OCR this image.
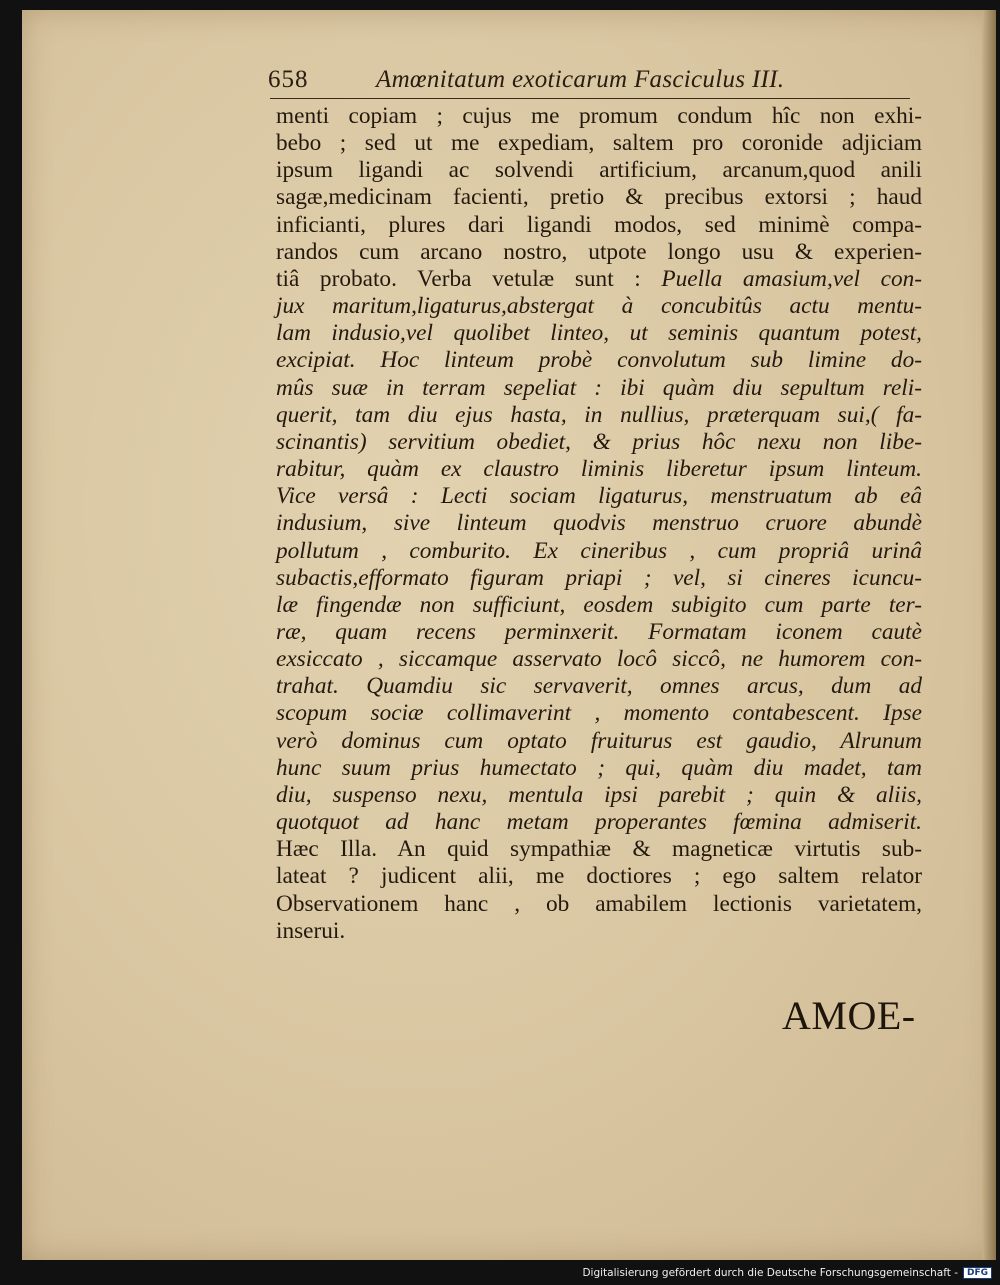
658	Amœnitatum exoticarum Fasciculus III.
menti copiam ; cujus me promum condum hîc non exhi-
bebo ; sed ut me expediam, saltem pro coronide adjiciam
ipsum ligandi ac solvendi artificium, arcanum,quod anili
sagæ,medicinam facienti, pretio & precibus extorsi ; haud
inficianti, plures dari ligandi modos, sed minimè compa-
randos cum arcano nostro, utpote longo usu & experien-
tiâ probato. Verba vetulæ sunt : Puella amasium,vel con-
jux maritum,ligaturus,abstergat à concubitûs actu mentu-
lam indusio,vel quolibet linteo, ut seminis quantum potest,
excipiat. Hoc linteum probè convolutum sub limine do-
mûs suæ in terram sepeliat : ibi quàm diu sepultum reli-
querit, tam diu ejus hasta, in nullius, præterquam sui,( fa-
scinantis) servitium obediet, & prius hôc nexu non libe-
rabitur, quàm ex claustro liminis liberetur ipsum linteum.
Vice versâ : Lecti sociam ligaturus, menstruatum ab eâ
indusium, sive linteum quodvis menstruo cruore abundè
pollutum , comburito. Ex cineribus , cum propriâ urinâ
subactis,efformato figuram priapi ; vel, si cineres icuncu-
læ fingendæ non sufficiunt, eosdem subigito cum parte ter-
ræ, quam recens perminxerit. Formatam iconem cautè
exsiccato , siccamque asservato locô siccô, ne humorem con-
trahat. Quamdiu sic servaverit, omnes arcus, dum ad
scopum sociæ collimaverint , momento contabescent. Ipse
verò dominus cum optato fruiturus est gaudio, Alrunum
hunc suum prius humectato ; qui, quàm diu madet, tam
diu, suspenso nexu, mentula ipsi parebit ; quin & aliis,
quotquot ad hanc metam properantes fœmina admiserit.
Hæc Illa. An quid sympathiæ & magneticæ virtutis sub-
lateat ? judicent alii, me doctiores ; ego saltem relator
Observationem hanc , ob amabilem lectionis varietatem,
inserui.
AMOE-
Digitalisierung gefördert durch die Deutsche Forschungsgemeinschaft -	DFG
